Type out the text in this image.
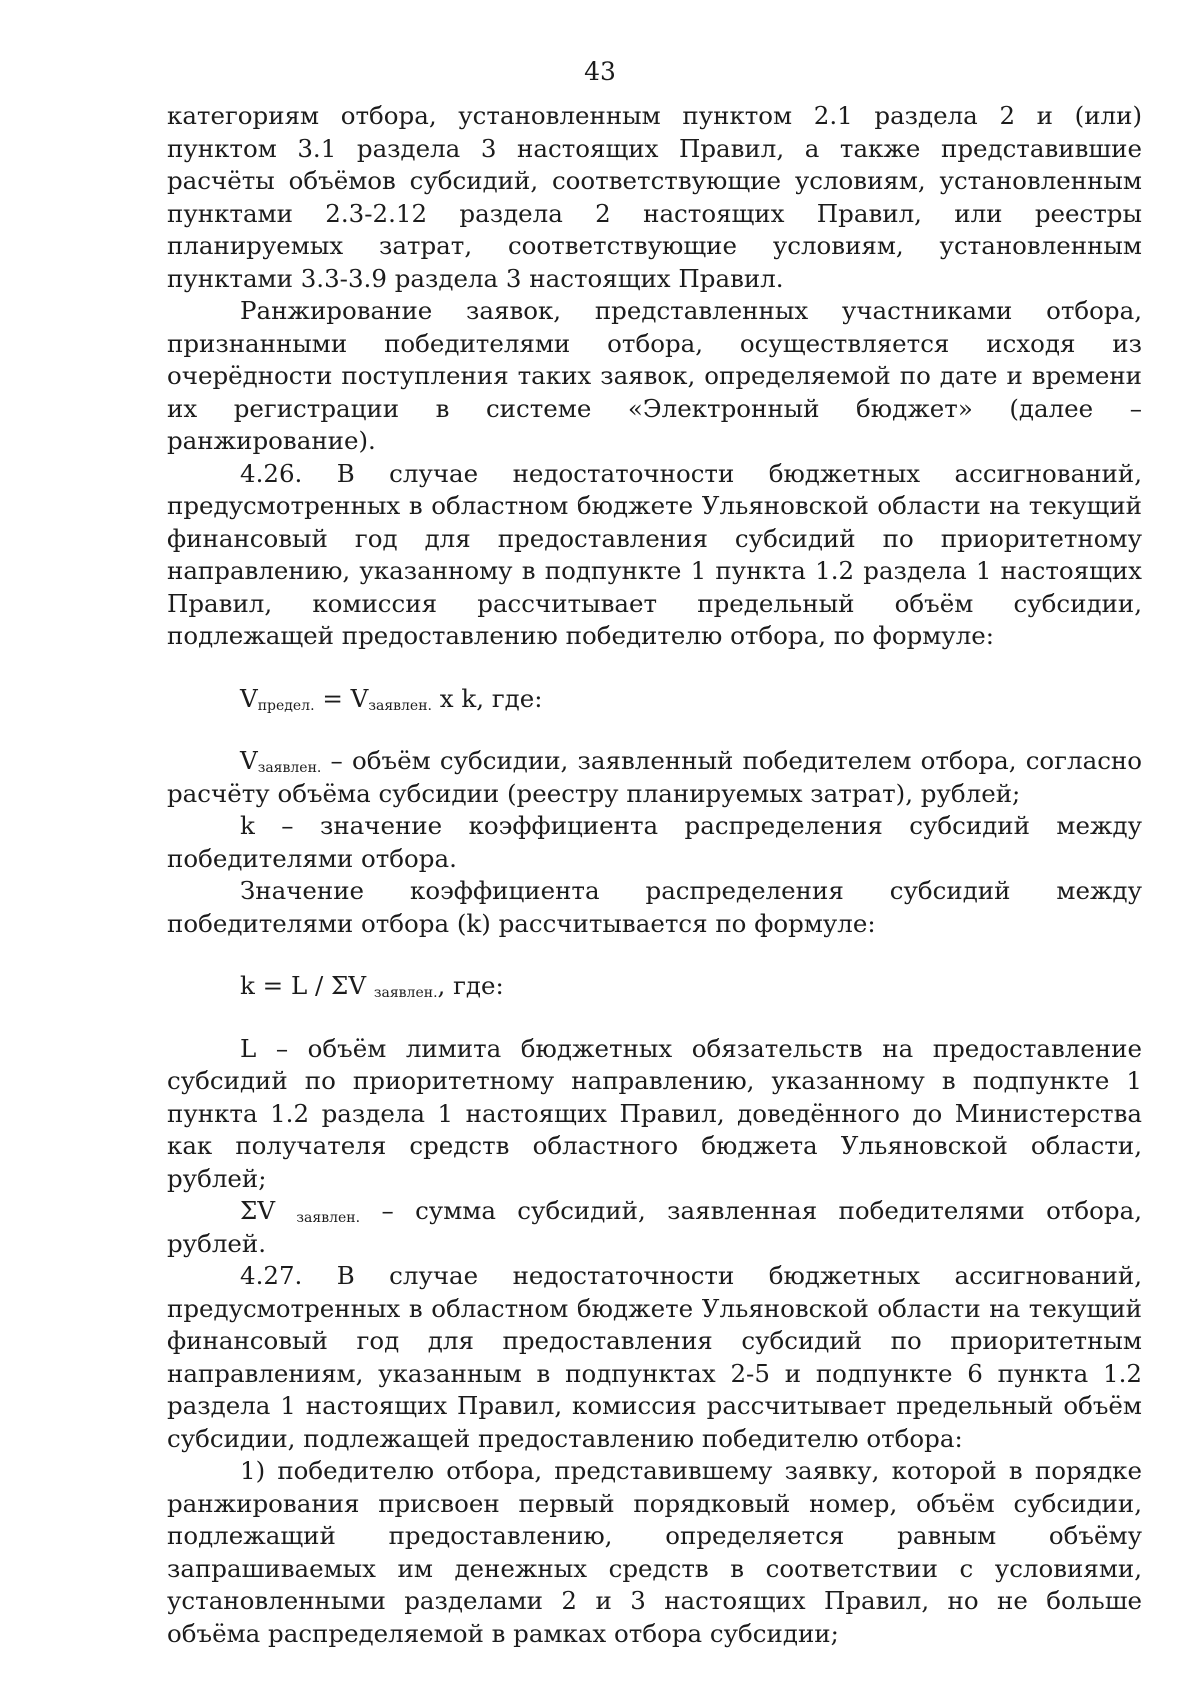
43

категориям отбора, установленным пунктом 2.1 раздела 2 и (или) пунктом 3.1 раздела 3 настоящих Правил, а также представившие расчёты объёмов субсидий, соответствующие условиям, установленным пунктами 2.3-2.12 раздела 2 настоящих Правил, или реестры планируемых затрат, соответствующие условиям, установленным пунктами 3.3-3.9 раздела 3 настоящих Правил.

Ранжирование заявок, представленных участниками отбора, признанными победителями отбора, осуществляется исходя из очерёдности поступления таких заявок, определяемой по дате и времени их регистрации в системе «Электронный бюджет» (далее – ранжирование).

4.26. В случае недостаточности бюджетных ассигнований, предусмотренных в областном бюджете Ульяновской области на текущий финансовый год для предоставления субсидий по приоритетному направлению, указанному в подпункте 1 пункта 1.2 раздела 1 настоящих Правил, комиссия рассчитывает предельный объём субсидии, подлежащей предоставлению победителю отбора, по формуле:

$V_{предел.} = V_{заявлен.}$ x k, где:

$V_{заявлен.}$ – объём субсидии, заявленный победителем отбора, согласно расчёту объёма субсидии (реестру планируемых затрат), рублей;

k – значение коэффициента распределения субсидий между победителями отбора.

Значение коэффициента распределения субсидий между победителями отбора (k) рассчитывается по формуле:

k = L / ΣV $_{заявлен.}$, где:

L – объём лимита бюджетных обязательств на предоставление субсидий по приоритетному направлению, указанному в подпункте 1 пункта 1.2 раздела 1 настоящих Правил, доведённого до Министерства как получателя средств областного бюджета Ульяновской области, рублей;

ΣV $_{заявлен.}$ – сумма субсидий, заявленная победителями отбора, рублей.

4.27. В случае недостаточности бюджетных ассигнований, предусмотренных в областном бюджете Ульяновской области на текущий финансовый год для предоставления субсидий по приоритетным направлениям, указанным в подпунктах 2-5 и подпункте 6 пункта 1.2 раздела 1 настоящих Правил, комиссия рассчитывает предельный объём субсидии, подлежащей предоставлению победителю отбора:

1) победителю отбора, представившему заявку, которой в порядке ранжирования присвоен первый порядковый номер, объём субсидии, подлежащий предоставлению, определяется равным объёму запрашиваемых им денежных средств в соответствии с условиями, установленными разделами 2 и 3 настоящих Правил, но не больше объёма распределяемой в рамках отбора субсидии;
